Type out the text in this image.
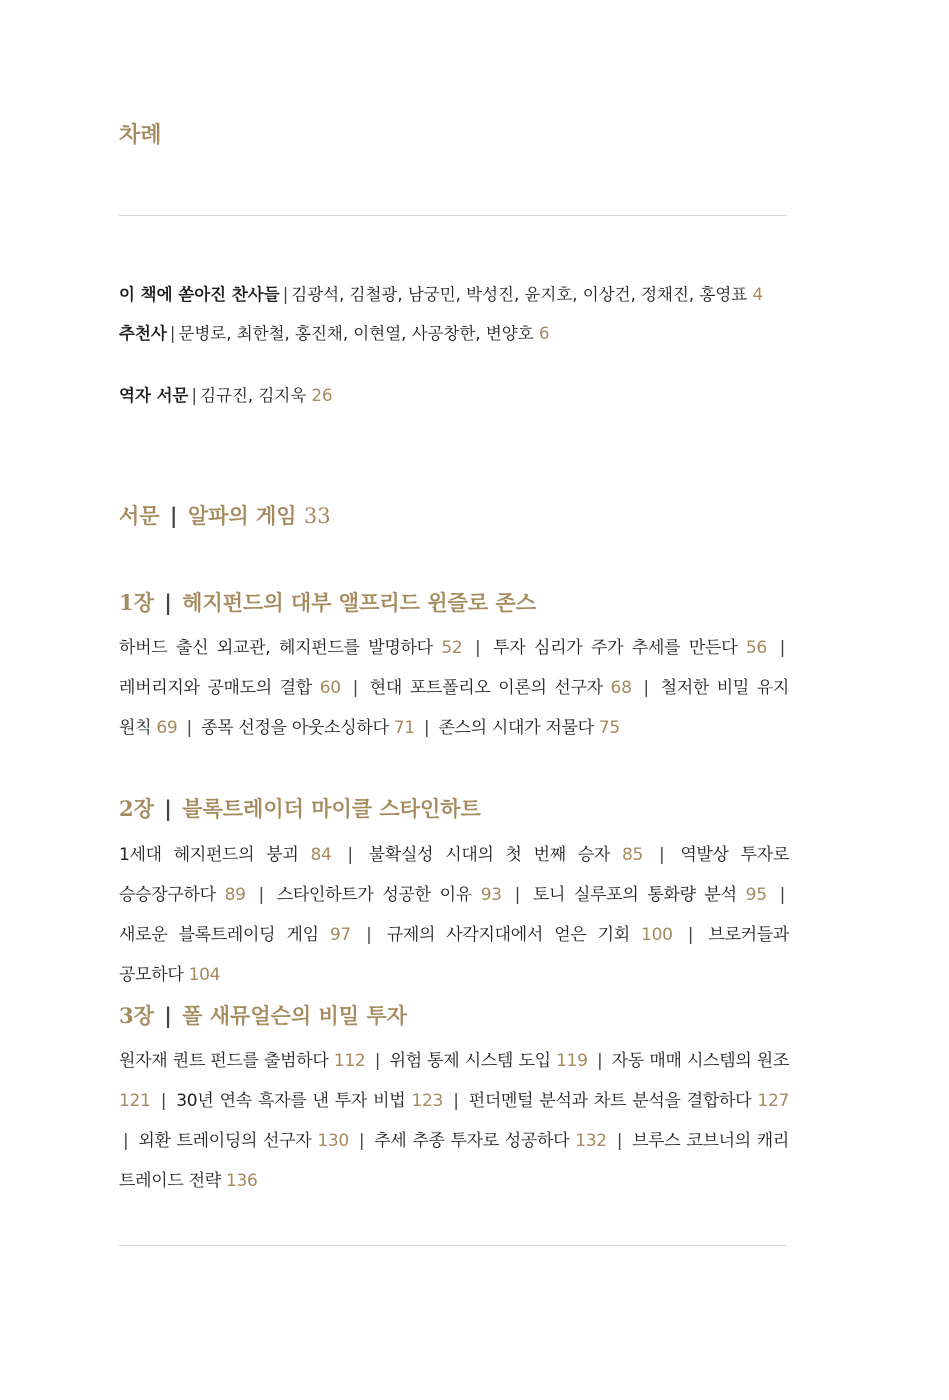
차례

이 책에 쏟아진 찬사들 | 김광석, 김철광, 남궁민, 박성진, 윤지호, 이상건, 정채진, 홍영표 4

추천사 | 문병로, 최한철, 홍진채, 이현열, 사공창한, 변양호 6

역자 서문 | 김규진, 김지욱 26

서문 | 알파의 게임 33
1장 | 헤지펀드의 대부 앨프리드 윈즐로 존스

하버드 출신 외교관, 헤지펀드를 발명하다 52 | 투자 심리가 주가 추세를 만든다 56 | 레버리지와 공매도의 결합 60 | 현대 포트폴리오 이론의 선구자 68 | 철저한 비밀 유지 원칙 69 | 종목 선정을 아웃소싱하다 71 | 존스의 시대가 저물다 75

2장 | 블록트레이더 마이클 스타인하트

1세대 헤지펀드의 붕괴 84 | 불확실성 시대의 첫 번째 승자 85 | 역발상 투자로 승승장구하다 89 | 스타인하트가 성공한 이유 93 | 토니 실루포의 통화량 분석 95 | 새로운 블록트레이딩 게임 97 | 규제의 사각지대에서 얻은 기회 100 | 브로커들과 공모하다 104

3장 | 폴 새뮤얼슨의 비밀 투자

원자재 퀀트 펀드를 출범하다 112 | 위험 통제 시스템 도입 119 | 자동 매매 시스템의 원조 121 | 30년 연속 흑자를 낸 투자 비법 123 | 펀더멘털 분석과 차트 분석을 결합하다 127 | 외환 트레이딩의 선구자 130 | 추세 추종 투자로 성공하다 132 | 브루스 코브너의 캐리 트레이드 전략 136
